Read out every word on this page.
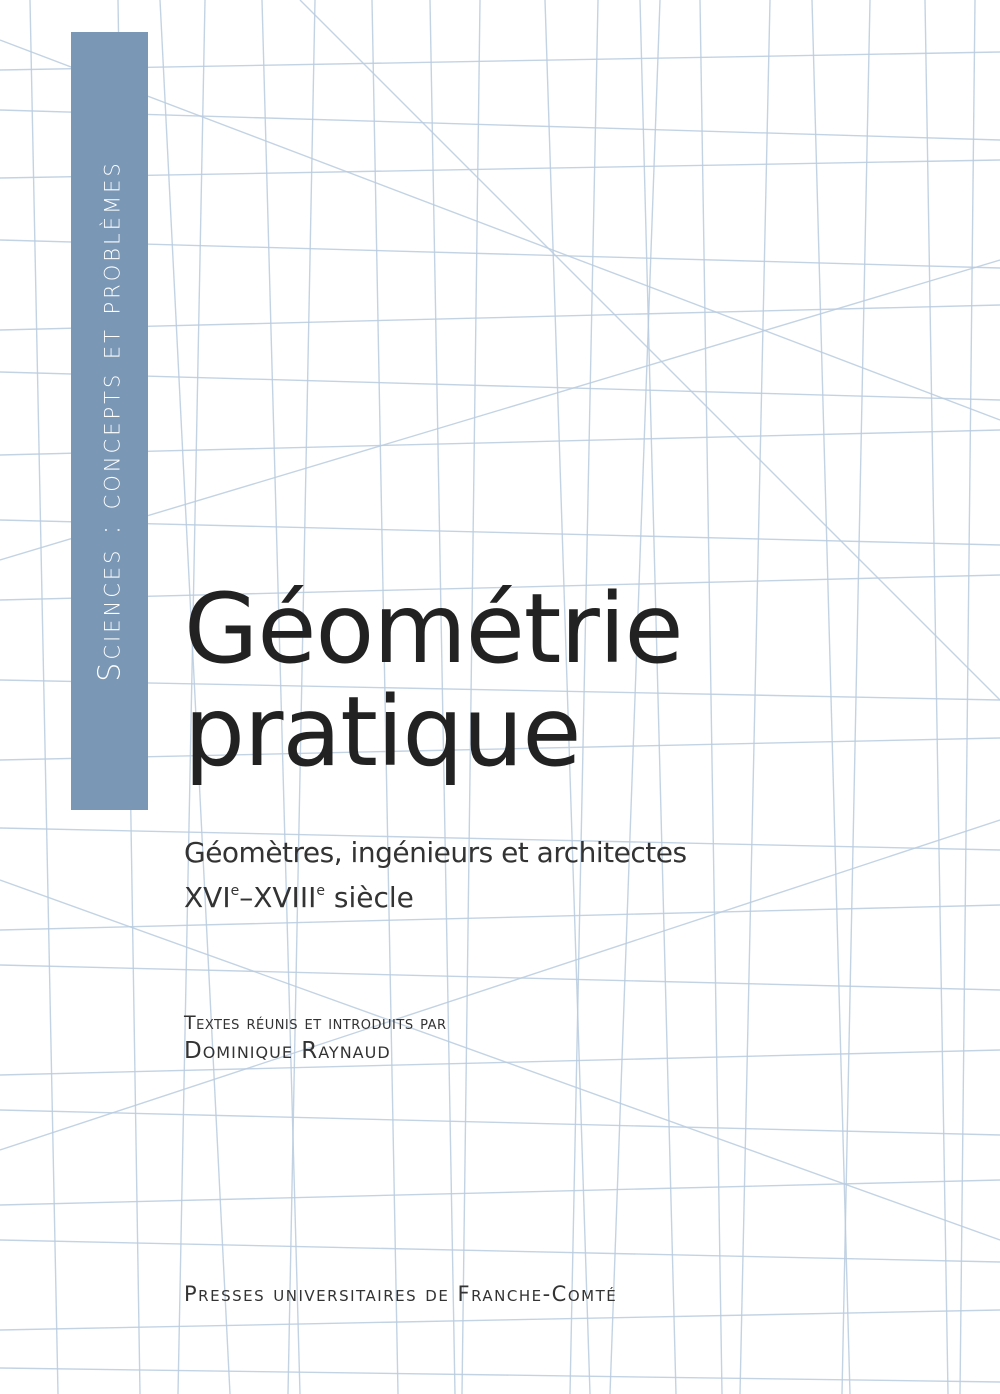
Sciences : concepts et problèmes Géométrie
pratique
Géomètres, ingénieurs et architectes
XVIe–XVIIIe siècle
Textes réunis et introduits par
Dominique Raynaud
Presses universitaires de Franche-Comté
